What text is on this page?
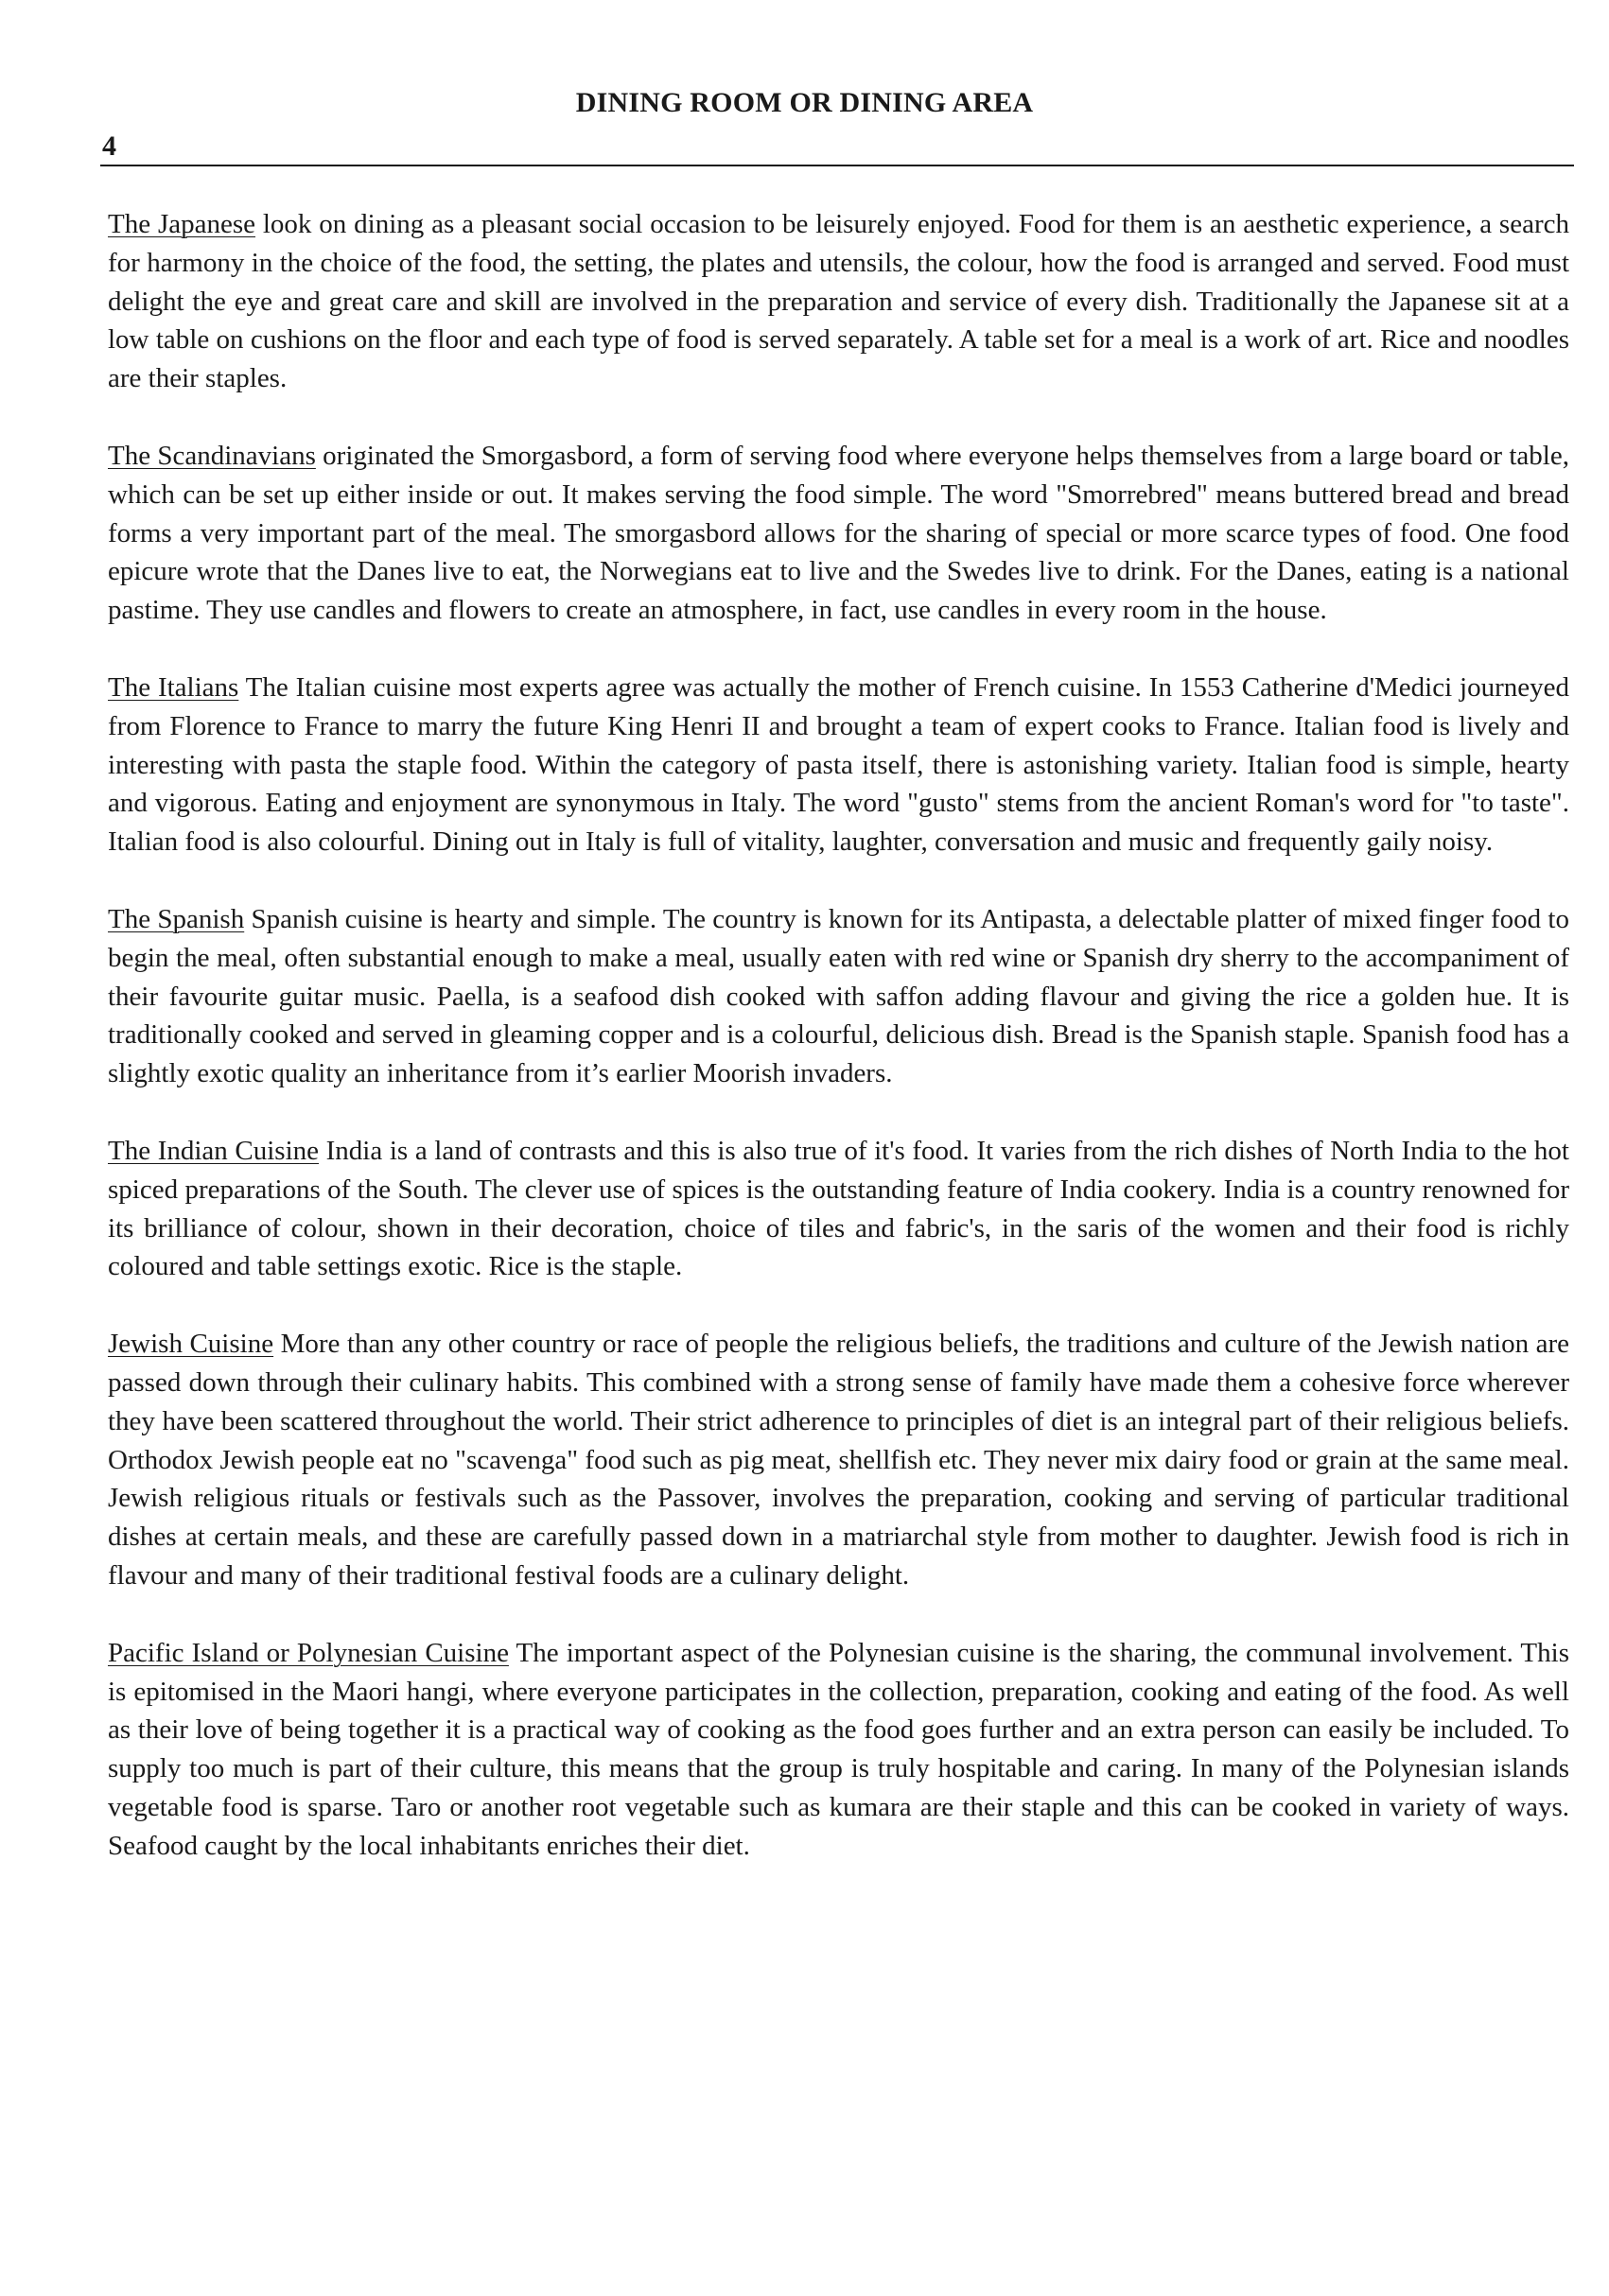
DINING ROOM OR DINING AREA
4

The Japanese look on dining as a pleasant social occasion to be leisurely enjoyed. Food for them is an aesthetic experience, a search for harmony in the choice of the food, the setting, the plates and utensils, the colour, how the food is arranged and served. Food must delight the eye and great care and skill are involved in the preparation and service of every dish. Traditionally the Japanese sit at a low table on cushions on the floor and each type of food is served separately. A table set for a meal is a work of art. Rice and noodles are their staples.

The Scandinavians originated the Smorgasbord, a form of serving food where everyone helps themselves from a large board or table, which can be set up either inside or out. It makes serving the food simple. The word "Smorrebred" means buttered bread and bread forms a very important part of the meal. The smorgasbord allows for the sharing of special or more scarce types of food. One food epicure wrote that the Danes live to eat, the Norwegians eat to live and the Swedes live to drink. For the Danes, eating is a national pastime. They use candles and flowers to create an atmosphere, in fact, use candles in every room in the house.

The Italians The Italian cuisine most experts agree was actually the mother of French cuisine. In 1553 Catherine d'Medici journeyed from Florence to France to marry the future King Henri II and brought a team of expert cooks to France. Italian food is lively and interesting with pasta the staple food. Within the category of pasta itself, there is astonishing variety. Italian food is simple, hearty and vigorous. Eating and enjoyment are synonymous in Italy. The word "gusto" stems from the ancient Roman's word for "to taste". Italian food is also colourful. Dining out in Italy is full of vitality, laughter, conversation and music and frequently gaily noisy.

The Spanish Spanish cuisine is hearty and simple. The country is known for its Antipasta, a delectable platter of mixed finger food to begin the meal, often substantial enough to make a meal, usually eaten with red wine or Spanish dry sherry to the accompaniment of their favourite guitar music. Paella, is a seafood dish cooked with saffon adding flavour and giving the rice a golden hue. It is traditionally cooked and served in gleaming copper and is a colourful, delicious dish. Bread is the Spanish staple. Spanish food has a slightly exotic quality an inheritance from it’s earlier Moorish invaders.

The Indian Cuisine India is a land of contrasts and this is also true of it's food. It varies from the rich dishes of North India to the hot spiced preparations of the South. The clever use of spices is the outstanding feature of India cookery. India is a country renowned for its brilliance of colour, shown in their decoration, choice of tiles and fabric's, in the saris of the women and their food is richly coloured and table settings exotic. Rice is the staple.

Jewish Cuisine More than any other country or race of people the religious beliefs, the traditions and culture of the Jewish nation are passed down through their culinary habits. This combined with a strong sense of family have made them a cohesive force wherever they have been scattered throughout the world. Their strict adherence to principles of diet is an integral part of their religious beliefs. Orthodox Jewish people eat no "scavenga" food such as pig meat, shellfish etc. They never mix dairy food or grain at the same meal. Jewish religious rituals or festivals such as the Passover, involves the preparation, cooking and serving of particular traditional dishes at certain meals, and these are carefully passed down in a matriarchal style from mother to daughter. Jewish food is rich in flavour and many of their traditional festival foods are a culinary delight.

Pacific Island or Polynesian Cuisine The important aspect of the Polynesian cuisine is the sharing, the communal involvement. This is epitomised in the Maori hangi, where everyone participates in the collection, preparation, cooking and eating of the food. As well as their love of being together it is a practical way of cooking as the food goes further and an extra person can easily be included. To supply too much is part of their culture, this means that the group is truly hospitable and caring. In many of the Polynesian islands vegetable food is sparse. Taro or another root vegetable such as kumara are their staple and this can be cooked in variety of ways. Seafood caught by the local inhabitants enriches their diet.
